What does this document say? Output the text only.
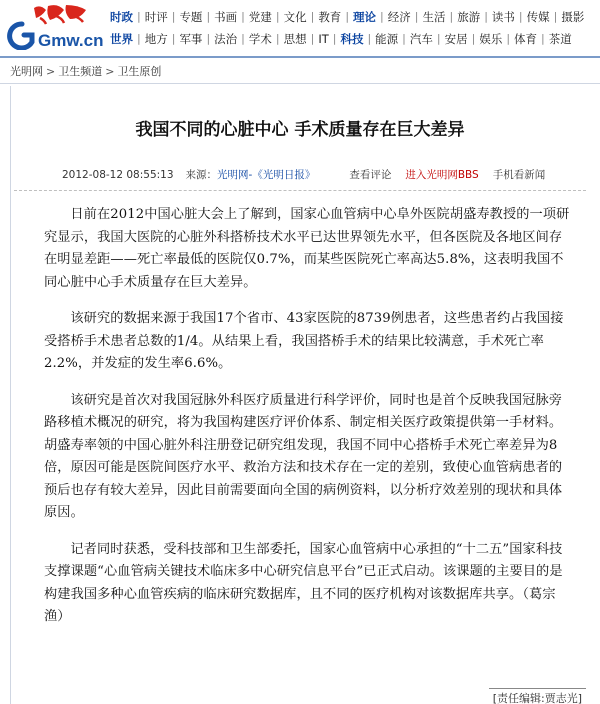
Gmw.cn
时政 | 时评 | 专题 | 书画 | 党建 | 文化 | 教育 | 理论 | 经济 | 生活 | 旅游 | 读书 | 传媒 | 摄影
世界 | 地方 | 军事 | 法治 | 学术 | 思想 | IT | 科技 | 能源 | 汽车 | 安居 | 娱乐 | 体育 | 茶道
光明网 > 卫生频道 > 卫生原创
我国不同的心脏中心 手术质量存在巨大差异
2012-08-12 08:55:13 来源： 光明网-《光明日报》	查看评论 进入光明网BBS 手机看新闻

日前在2012中国心脏大会上了解到，国家心血管病中心阜外医院胡盛寿教授的一项研究显示，我国大医院的心脏外科搭桥技术水平已达世界领先水平，但各医院及各地区间存在明显差距——死亡率最低的医院仅0.7%，而某些医院死亡率高达5.8%，这表明我国不同心脏中心手术质量存在巨大差异。

该研究的数据来源于我国17个省市、43家医院的8739例患者，这些患者约占我国接受搭桥手术患者总数的1/4。从结果上看，我国搭桥手术的结果比较满意，手术死亡率2.2%，并发症的发生率6.6%。

该研究是首次对我国冠脉外科医疗质量进行科学评价，同时也是首个反映我国冠脉旁路移植术概况的研究，将为我国构建医疗评价体系、制定相关医疗政策提供第一手材料。胡盛寿率领的中国心脏外科注册登记研究组发现，我国不同中心搭桥手术死亡率差异为8倍，原因可能是医院间医疗水平、救治方法和技术存在一定的差别，致使心血管病患者的预后也存有较大差异，因此目前需要面向全国的病例资料，以分析疗效差别的现状和具体原因。

记者同时获悉，受科技部和卫生部委托，国家心血管病中心承担的“十二五”国家科技支撑课题“心血管病关键技术临床多中心研究信息平台”已正式启动。该课题的主要目的是构建我国多种心血管疾病的临床研究数据库，且不同的医疗机构对该数据库共享。（葛宗渔）

[责任编辑:贾志光]
